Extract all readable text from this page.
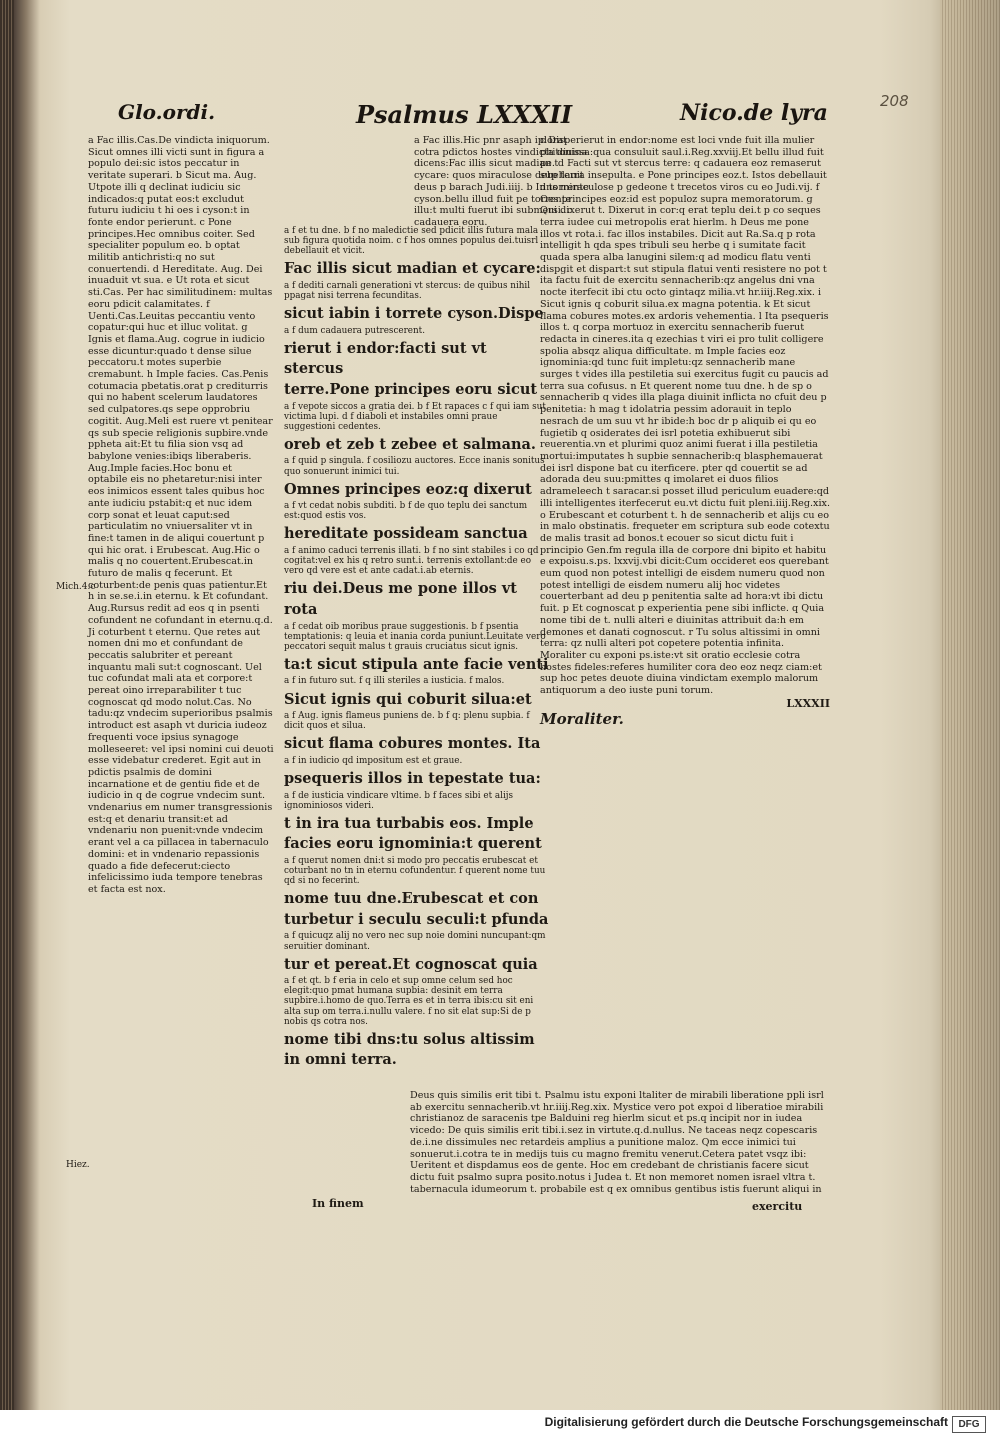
Glo.ordi.	Psalmus LXXXII	Nico.de lyra	208
Mich.4.c
Hiez.
a Fac illis.Cas.De vindicta iniquorum. Sicut omnes illi victi sunt in figura a populo dei:sic istos peccatur in veritate superari. b Sicut ma. Aug. Utpote illi q declinat iudiciu sic indicados:q putat eos:t excludut futuru iudiciu t hi oes i cyson:t in fonte endor perierunt. c Pone principes.Hec omnibus coiter. Sed specialiter populum eo. b optat militib antichristi:q no sut conuertendi. d Hereditate. Aug. Dei inuaduit vt sua. e Ut rota et sicut sti.Cas. Per hac similitudinem: multas eoru pdicit calamitates. f Uenti.Cas.Leuitas peccantiu vento copatur:qui huc et illuc volitat. g Ignis et flama.Aug. cogrue in iudicio esse dicuntur:quado t dense silue peccatoru.t motes superbie cremabunt. h Imple facies. Cas.Penis cotumacia pbetatis.orat p crediturris qui no habent scelerum laudatores sed culpatores.qs sepe opprobriu cogitit. Aug.Meli est ruere vt penitear qs sub specie religionis supbire.vnde ppheta ait:Et tu filia sion vsq ad babylone venies:ibiqs liberaberis. Aug.Imple facies.Hoc bonu et optabile eis no phetaretur:nisi inter eos inimicos essent tales quibus hoc ante iudiciu pstabit:q et nuc idem corp sonat et leuat caput:sed particulatim no vniuersaliter vt in fine:t tamen in de aliqui couertunt p qui hic orat. i Erubescat. Aug.Hic o malis q no couertent.Erubescat.in futuro de malis q fecerunt. Et coturbent:de penis quas patientur.Et h in se.se.i.in eternu. k Et cofundant. Aug.Rursus redit ad eos q in psenti cofundent ne cofundant in eternu.q.d. Ji coturbent t eternu. Que retes aut nomen dni mo et confundant de peccatis salubriter et pereant inquantu mali sut:t cognoscant. Uel tuc cofundat mali ata et corpore:t pereat oino irreparabiliter t tuc cognoscat qd modo nolut.Cas. No tadu:qz vndecim superioribus psalmis introduct est asaph vt duricia iudeoz frequenti voce ipsius synagoge molleseeret: vel ipsi nomini cui deuoti esse videbatur crederet. Egit aut in pdictis psalmis de domini incarnatione et de gentiu fide et de iudicio in q de cogrue vndecim sunt. vndenarius em numer transgressionis est:q et denariu transit:et ad vndenariu non puenit:vnde vndecim erant vel a ca pillacea in tabernaculo domini: et in vndenario repassionis quado a fide defecerut:ciecto infelicissimo iuda tempore tenebras et facta est nox.
a Fac illis.Hic pnr asaph iplorat cotra pdictos hostes vindicta diuina dicens:Fac illis sicut madian t cycare: quos miraculose debellauit deus p barach Judi.iiij. b In torrente cyson.bellu illud fuit pe torrente illu:t multi fuerut ibi submersi. c cadauera eoru.
a f et tu dne. b f no maledictie sed pdicit illis futura mala sub figura quotida noim. c f hos omnes populus dei.tuisrl debellauit et vicit.
Fac illis sicut madian et cycare:
a f dediti carnali generationi vt stercus: de quibus nihil ppagat nisi terrena fecunditas.
sicut iabin i torrete cyson.Dispe
a f dum cadauera putrescerent.
rierut i endor:facti sut vt stercus
terre.Pone principes eoru sicut
a f vepote siccos a gratia dei. b f Et rapaces c f qui iam sut victima lupi. d f diaboli et instabiles omni praue suggestioni cedentes.
oreb et zeb t zebee et salmana.
a f quid p singula. f cosiliozu auctores. Ecce inanis sonitus quo sonuerunt inimici tui.
Omnes principes eoz:q dixerut
a f vt cedat nobis subditi. b f de quo teplu dei sanctum est:quod estis vos.
hereditate possideam sanctua
a f animo caduci terrenis illati. b f no sint stabiles i co qd cogitat:vel ex his q retro sunt.i. terrenis extollant:de eo vero qd vere est et ante cadat.i.ab eternis.
riu dei.Deus me pone illos vt rota
a f cedat oib moribus praue suggestionis. b f psentia temptationis: q leuia et inania corda puniunt.Leuitate vero peccatori sequit malus t grauis cruciatus sicut ignis.
ta:t sicut stipula ante facie venti
a f in futuro sut. f q illi steriles a iusticia. f malos.
Sicut ignis qui coburit silua:et
a f Aug. ignis flameus puniens de. b f q: plenu supbia. f dicit quos et silua.
sicut flama cobures montes. Ita
a f in iudicio qd impositum est et graue.
psequeris illos in tepestate tua:
a f de iusticia vindicare vltime. b f faces sibi et alijs ignominiosos videri.
t in ira tua turbabis eos. Imple
facies eoru ignominia:t querent
a f querut nomen dni:t si modo pro peccatis erubescat et coturbant no tn in eternu cofundentur. f querent nome tuu qd si no fecerint.
nome tuu dne.Erubescat et con
turbetur i seculu seculi:t pfunda
a f quicuqz alij no vero nec sup noie domini nuncupant:qm seruitier dominant.
tur et pereat.Et cognoscat quia
a f et qt. b f eria in celo et sup omne celum sed hoc elegit:quo pmat humana supbia: desinit em terra supbire.i.homo de quo.Terra es et in terra ibis:cu sit eni alta sup om terra.i.nullu valere. f no sit elat sup:Si de p nobis qs cotra nos.
nome tibi dns:tu solus altissim
in omni terra.
c Disperierut in endor:nome est loci vnde fuit illa mulier phitonissa:qua consuluit saul.i.Reg.xxviij.Et bellu illud fuit pe. d Facti sut vt stercus terre: q cadauera eoz remaserut sup terra insepulta. e Pone principes eoz.t. Istos debellauit dns miraculose p gedeone t trecetos viros cu eo Judi.vij. f Oes principes eoz:id est populoz supra memoratorum. g Qui dixerut t. Dixerut in cor:q erat teplu dei.t p co seques terra iudee cui metropolis erat hierlm. h Deus me pone illos vt rota.i. fac illos instabiles. Dicit aut Ra.Sa.q p rota intelligit h qda spes tribuli seu herbe q i sumitate facit quada spera alba lanugini silem:q ad modicu flatu venti dispgit et dispart:t sut stipula flatui venti resistere no pot t ita factu fuit de exercitu sennacherib:qz angelus dni vna nocte iterfecit ibi ctu octo gintaqz milia.vt hr.iiij.Reg.xix. i Sicut ignis q coburit silua.ex magna potentia. k Et sicut flama cobures motes.ex ardoris vehementia. l Ita psequeris illos t. q corpa mortuoz in exercitu sennacherib fuerut redacta in cineres.ita q ezechias t viri ei pro tulit colligere spolia absqz aliqua difficultate. m Imple facies eoz ignominia:qd tunc fuit impletu:qz sennacherib mane surges t vides illa pestiletia sui exercitus fugit cu paucis ad terra sua cofusus. n Et querent nome tuu dne. h de sp o sennacherib q vides illa plaga diuinit inflicta no cfuit deu p penitetia: h mag t idolatria pessim adorauit in teplo nesrach de um suu vt hr ibide:h boc dr p aliquib ei qu eo fugietib q osiderates dei isrl potetia exhibuerut sibi reuerentia.vn et plurimi quoz animi fuerat i illa pestiletia mortui:imputates h supbie sennacherib:q blasphemauerat dei isrl dispone bat cu iterficere. pter qd couertit se ad adorada deu suu:pmittes q imolaret ei duos filios adrameleech t saracar.si posset illud periculum euadere:qd illi intelligentes iterfecerut eu.vt dictu fuit pleni.iiij.Reg.xix. o Erubescant et coturbent t. h de sennacherib et alijs cu eo in malo obstinatis. frequeter em scriptura sub eode cotextu de malis trasit ad bonos.t ecouer so sicut dictu fuit i principio Gen.fm regula illa de corpore dni bipito et habitu e expoisu.s.ps. lxxvij.vbi dicit:Cum occideret eos querebant eum quod non potest intelligi de eisdem numeru quod non potest intelligi de eisdem numeru alij hoc videtes couerterbant ad deu p penitentia salte ad hora:vt ibi dictu fuit. p Et cognoscat p experientia pene sibi inflicte. q Quia nome tibi de t. nulli alteri e diuinitas attribuit da:h em demones et danati cognoscut. r Tu solus altissimi in omni terra: qz nulli alteri pot copetere potentia infinita. Moraliter cu exponi ps.iste:vt sit oratio ecclesie cotra hostes fideles:referes humiliter cora deo eoz neqz ciam:et sup hoc petes deuote diuina vindictam exemplo malorum antiquorum a deo iuste puni torum.
LXXXII
Moraliter.
Deus quis similis erit tibi t. Psalmu istu exponi ltaliter de mirabili liberatione ppli isrl ab exercitu sennacherib.vt hr.iiij.Reg.xix. Mystice vero pot expoi d liberatioe mirabili christianoz de saracenis tpe Balduini reg hierlm sicut et ps.q incipit nor in iudea vicedo: De quis similis erit tibi.i.sez in virtute.q.d.nullus. Ne taceas neqz copescaris de.i.ne dissimules nec retardeis amplius a punitione maloz. Qm ecce inimici tui sonuerut.i.cotra te in medijs tuis cu magno fremitu venerut.Cetera patet vsqz ibi: Ueritent et dispdamus eos de gente. Hoc em credebant de christianis facere sicut dictu fuit psalmo supra posito.notus i Judea t. Et non memoret nomen israel vltra t. tabernacula idumeorum t. probabile est q ex omnibus gentibus istis fuerunt aliqui in
In finem	exercitu
Digitalisierung gefördert durch die Deutsche Forschungsgemeinschaft	DFG
